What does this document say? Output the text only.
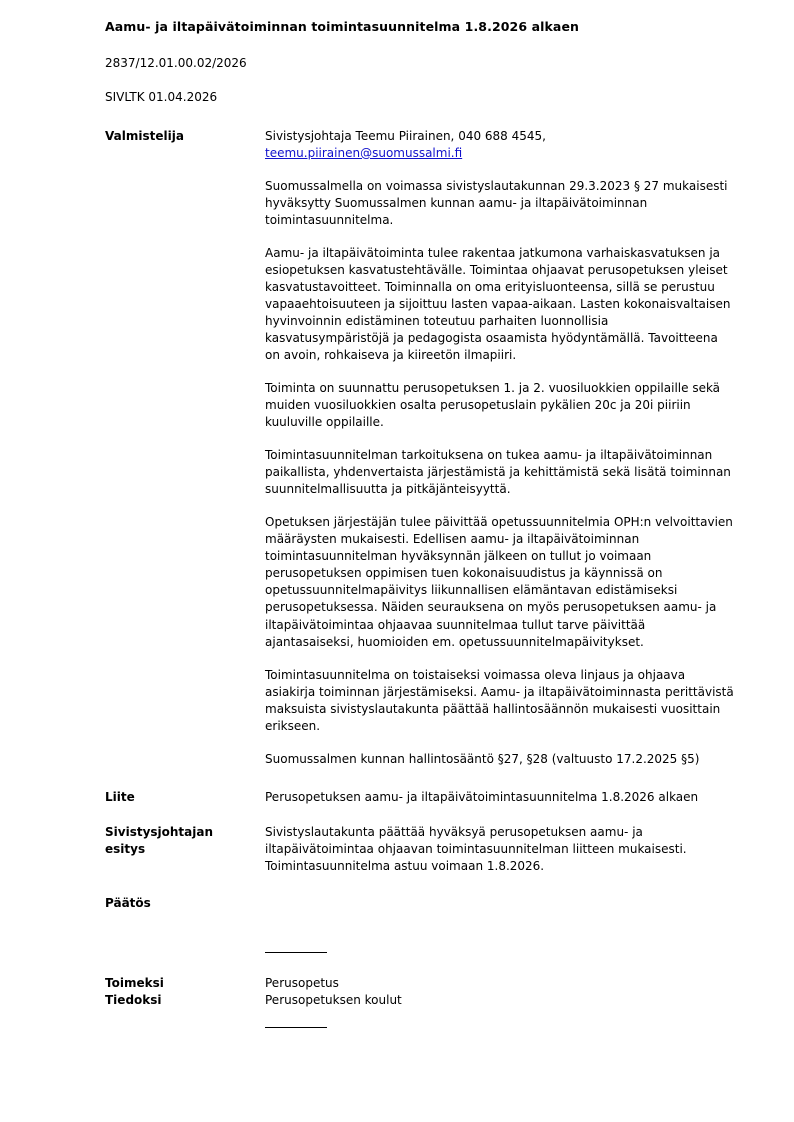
Aamu- ja iltapäivätoiminnan toimintasuunnitelma 1.8.2026 alkaen
2837/12.01.00.02/2026
SIVLTK 01.04.2026
Valmistelija	Sivistysjohtaja Teemu Piirainen, 040 688 4545,
teemu.piirainen@suomussalmi.fi
Suomussalmella on voimassa sivistyslautakunnan 29.3.2023 § 27 mukaisesti hyväksytty Suomussalmen kunnan aamu- ja iltapäivätoiminnan toimintasuunnitelma.
Aamu- ja iltapäivätoiminta tulee rakentaa jatkumona varhaiskasvatuksen ja esiopetuksen kasvatustehtävälle. Toimintaa ohjaavat perusopetuksen yleiset kasvatustavoitteet. Toiminnalla on oma erityisluonteensa, sillä se perustuu vapaaehtoisuuteen ja sijoittuu lasten vapaa-aikaan. Lasten kokonaisvaltaisen hyvinvoinnin edistäminen toteutuu parhaiten luonnollisia kasvatusympäristöjä ja pedagogista osaamista hyödyntämällä. Tavoitteena on avoin, rohkaiseva ja kiireetön ilmapiiri.
Toiminta on suunnattu perusopetuksen 1. ja 2. vuosiluokkien oppilaille sekä muiden vuosiluokkien osalta perusopetuslain pykälien 20c ja 20i piiriin kuuluville oppilaille.
Toimintasuunnitelman tarkoituksena on tukea aamu- ja iltapäivätoiminnan paikallista, yhdenvertaista järjestämistä ja kehittämistä sekä lisätä toiminnan suunnitelmallisuutta ja pitkäjänteisyyttä.
Opetuksen järjestäjän tulee päivittää opetussuunnitelmia OPH:n velvoittavien määräysten mukaisesti. Edellisen aamu- ja iltapäivätoiminnan toimintasuunnitelman hyväksynnän jälkeen on tullut jo voimaan perusopetuksen oppimisen tuen kokonaisuudistus ja käynnissä on opetussuunnitelmapäivitys liikunnallisen elämäntavan edistämiseksi perusopetuksessa. Näiden seurauksena on myös perusopetuksen aamu- ja iltapäivätoimintaa ohjaavaa suunnitelmaa tullut tarve päivittää ajantasaiseksi, huomioiden em. opetussuunnitelmapäivitykset.
Toimintasuunnitelma on toistaiseksi voimassa oleva linjaus ja ohjaava asiakirja toiminnan järjestämiseksi. Aamu- ja iltapäivätoiminnasta perittävistä maksuista sivistyslautakunta päättää hallintosäännön mukaisesti vuosittain erikseen.
Suomussalmen kunnan hallintosääntö §27, §28 (valtuusto 17.2.2025 §5)
Liite	Perusopetuksen aamu- ja iltapäivätoimintasuunnitelma 1.8.2026 alkaen
Sivistysjohtajan
esitys
Sivistyslautakunta päättää hyväksyä perusopetuksen aamu- ja iltapäivätoimintaa ohjaavan toimintasuunnitelman liitteen mukaisesti. Toimintasuunnitelma astuu voimaan 1.8.2026.
Päätös
Toimeksi
Tiedoksi
Perusopetus
Perusopetuksen koulut
